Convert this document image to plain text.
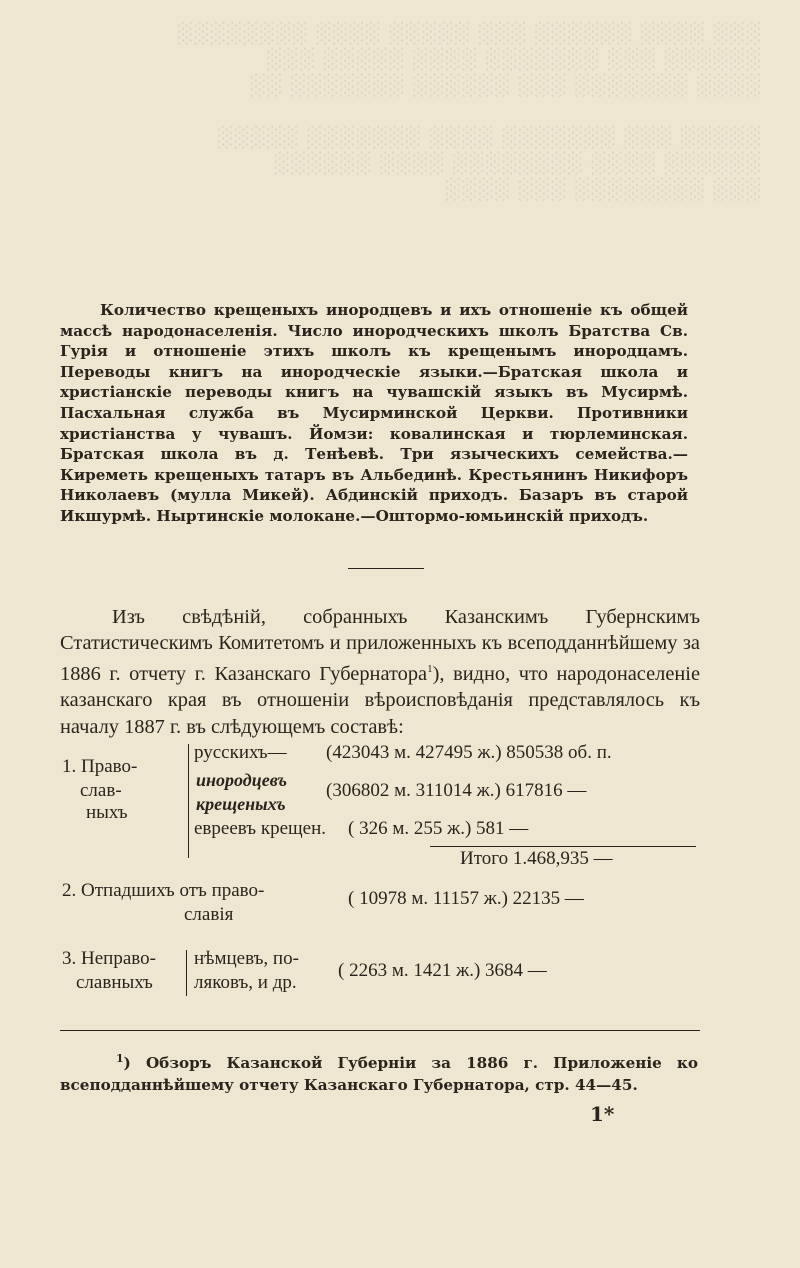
░░░ ░░░░ ░░░░░░ ░░░ ░░░░░ ░░░░ ░░░░░░░░
░░░░░░ ░░░ ░░░░░░░ ░░░░ ░░░░░ ░░░
░░░░ ░░░░░░░ ░░░ ░░░░░░ ░░░░░░░ ░░

░░░░░ ░░░ ░░░░░░░ ░░░░ ░░░░░░░ ░░░░░
░░░░░░ ░░░░ ░░░░░░░░ ░░░░ ░░░░░░
░░░ ░░░░░░░░ ░░░ ░░░░
Количество крещеныхъ инородцевъ и ихъ отношеніе къ общей массѣ народонаселенія. Число инородческихъ школъ Братства Св. Гурія и отношеніе этихъ школъ къ крещенымъ инородцамъ. Переводы книгъ на инородческіе языки.—Братская школа и христіанскіе переводы книгъ на чувашскій языкъ въ Мусирмѣ. Пасхальная служба въ Мусирминской Церкви. Противники христіанства у чувашъ. Йомзи: ковалинская и тюрлеминская. Братская школа въ д. Тенѣевѣ. Три языческихъ семейства.—Киреметь крещеныхъ татаръ въ Альбединѣ. Крестьянинъ Никифоръ Николаевъ (мулла Микей). Абдинскій приходъ. Базаръ въ старой Икшурмѣ. Ныртинскіе молокане.—Оштормо-юмьинскій приходъ.
Изъ свѣдѣній, собранныхъ Казанскимъ Губернскимъ Статистическимъ Комитетомъ и приложенныхъ къ всеподданнѣйшему за 1886 г. отчету г. Казанскаго Губернатора$^1$), видно, что народонаселеніе казанскаго края въ отношеніи вѣроисповѣданія представлялось къ началу 1887 г. въ слѣдующемъ составѣ:
1. Право-
слав-
ныхъ
русскихъ— (423043 м. 427495 ж.) 850538 об. п.
инородцевъ
крещеныхъ
(306802 м. 311014 ж.) 617816 —
евреевъ крещен. ( 326 м. 255 ж.) 581 —
Итого 1.468,935 —
2. Отпадшихъ отъ право-
славія
( 10978 м. 11157 ж.) 22135 —
3. Неправо-
славныхъ
нѣмцевъ, по-
ляковъ, и др.
( 2263 м. 1421 ж.) 3684 —
$^1$) Обзоръ Казанской Губерніи за 1886 г. Приложеніе ко всеподданнѣйшему отчету Казанскаго Губернатора, стр. 44—45.
1*
